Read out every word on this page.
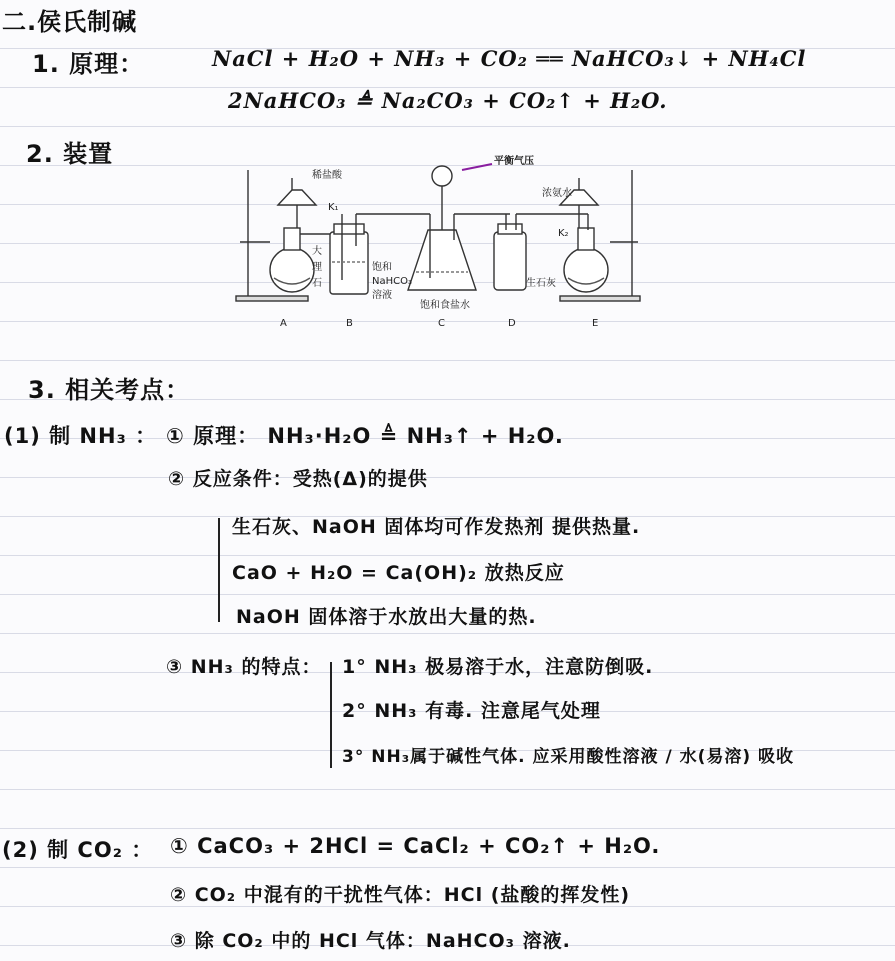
二.侯氏制碱
1. 原理：	NaCl + H₂O + NH₃ + CO₂ ══ NaHCO₃↓ + NH₄Cl
2NaHCO₃ ≜ Na₂CO₃ + CO₂↑ + H₂O.
2. 装置	平衡气压
稀盐酸
K₁
大
理
石
饱和
NaHCO₃
溶液
饱和食盐水
浓氨水
K₂
生石灰
A	B	C	D	E
3. 相关考点：
(1) 制 NH₃ ： ① 原理： NH₃·H₂O ≜ NH₃↑ + H₂O.
② 反应条件：受热(Δ)的提供
生石灰、NaOH 固体均可作发热剂 提供热量.
CaO + H₂O = Ca(OH)₂ 放热反应
NaOH 固体溶于水放出大量的热.
③ NH₃ 的特点： 1° NH₃ 极易溶于水，注意防倒吸.
2° NH₃ 有毒. 注意尾气处理
3° NH₃属于碱性气体. 应采用酸性溶液 / 水(易溶) 吸收
(2) 制 CO₂ ： ① CaCO₃ + 2HCl = CaCl₂ + CO₂↑ + H₂O.
② CO₂ 中混有的干扰性气体：HCl (盐酸的挥发性)
③ 除 CO₂ 中的 HCl 气体：NaHCO₃ 溶液.
